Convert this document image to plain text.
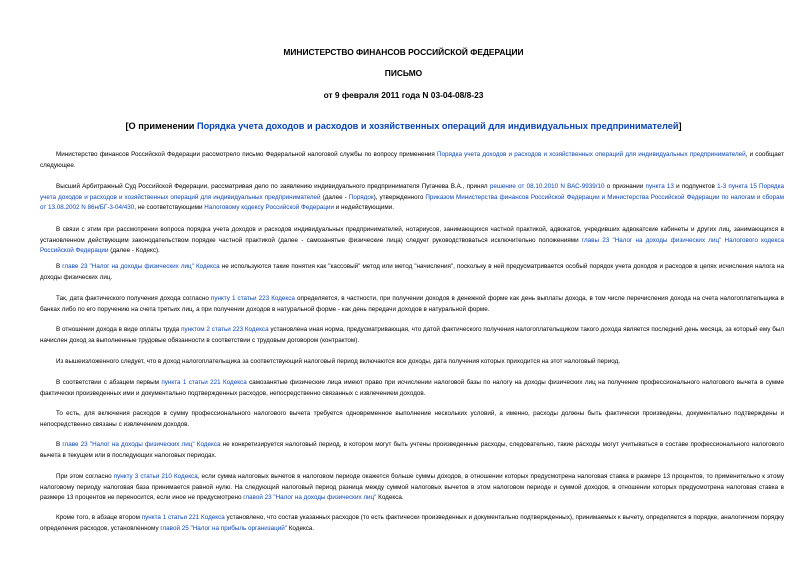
МИНИСТЕРСТВО ФИНАНСОВ РОССИЙСКОЙ ФЕДЕРАЦИИ
ПИСЬМО
от 9 февраля 2011 года N 03-04-08/8-23
[О применении Порядка учета доходов и расходов и хозяйственных операций для индивидуальных предпринимателей]

Министерство финансов Российской Федерации рассмотрело письмо Федеральной налоговой службы по вопросу применения Порядка учета доходов и расходов и хозяйственных операций для индивидуальных предпринимателей, и сообщает следующее.

Высший Арбитражный Суд Российской Федерации, рассматривая дело по заявлению индивидуального предпринимателя Пугачева В.А., принял решение от 08.10.2010 N ВАС-9939/10 о признании пункта 13 и подпунктов 1-3 пункта 15 Порядка учета доходов и расходов и хозяйственных операций для индивидуальных предпринимателей (далее - Порядок), утвержденного Приказом Министерства финансов Российской Федерации и Министерства Российской Федерации по налогам и сборам от 13.08.2002 N 86н/БГ-3-04/430, не соответствующими Налоговому кодексу Российской Федерации и недействующими.

В связи с этим при рассмотрении вопроса порядка учета доходов и расходов индивидуальных предпринимателей, нотариусов, занимающихся частной практикой, адвокатов, учредивших адвокатские кабинеты и других лиц, занимающихся в установленном действующим законодательством порядке частной практикой (далее - самозанятые физические лица) следует руководствоваться исключительно положениями главы 23 "Налог на доходы физических лиц" Налогового кодекса Российской Федерации (далее - Кодекс).

В главе 23 "Налог на доходы физических лиц" Кодекса не используются такие понятия как "кассовый" метод или метод "начисления", поскольку в ней предусматривается особый порядок учета доходов и расходов в целях исчисления налога на доходы физических лиц.

Так, дата фактического получения дохода согласно пункту 1 статьи 223 Кодекса определяется, в частности, при получении доходов в денежной форме как день выплаты дохода, в том числе перечисления дохода на счета налогоплательщика в банках либо по его поручению на счета третьих лиц, а при получении доходов в натуральной форме - как день передачи доходов в натуральной форме.

В отношении дохода в виде оплаты труда пунктом 2 статьи 223 Кодекса установлена иная норма, предусматривающая, что датой фактического получения налогоплательщиком такого дохода является последний день месяца, за который ему был начислен доход за выполненные трудовые обязанности в соответствии с трудовым договором (контрактом).

Из вышеизложенного следует, что в доход налогоплательщика за соответствующий налоговый период включаются все доходы, дата получения которых приходится на этот налоговый период.

В соответствии с абзацем первым пункта 1 статьи 221 Кодекса самозанятые физические лица имеют право при исчислении налоговой базы по налогу на доходы физических лиц на получение профессионального налогового вычета в сумме фактически произведенных ими и документально подтвержденных расходов, непосредственно связанных с извлечением доходов.

То есть, для включения расходов в сумму профессионального налогового вычета требуется одновременное выполнение нескольких условий, а именно, расходы должны быть фактически произведены, документально подтверждены и непосредственно связаны с извлечением доходов.

В главе 23 "Налог на доходы физических лиц" Кодекса не конкретизируется налоговый период, в котором могут быть учтены произведенные расходы, следовательно, такие расходы могут учитываться в составе профессионального налогового вычета в текущем или в последующих налоговых периодах.

При этом согласно пункту 3 статьи 210 Кодекса, если сумма налоговых вычетов в налоговом периоде окажется больше суммы доходов, в отношении которых предусмотрена налоговая ставка в размере 13 процентов, то применительно к этому налоговому периоду налоговая база принимается равной нулю. На следующий налоговый период разница между суммой налоговых вычетов в этом налоговом периоде и суммой доходов, в отношении которых предусмотрена налоговая ставка в размере 13 процентов не переносится, если иное не предусмотрено главой 23 "Налог на доходы физических лиц" Кодекса.

Кроме того, в абзаце втором пункта 1 статьи 221 Кодекса установлено, что состав указанных расходов (то есть фактически произведенных и документально подтвержденных), принимаемых к вычету, определяется в порядке, аналогичном порядку определения расходов, установленному главой 25 "Налог на прибыль организаций" Кодекса.
